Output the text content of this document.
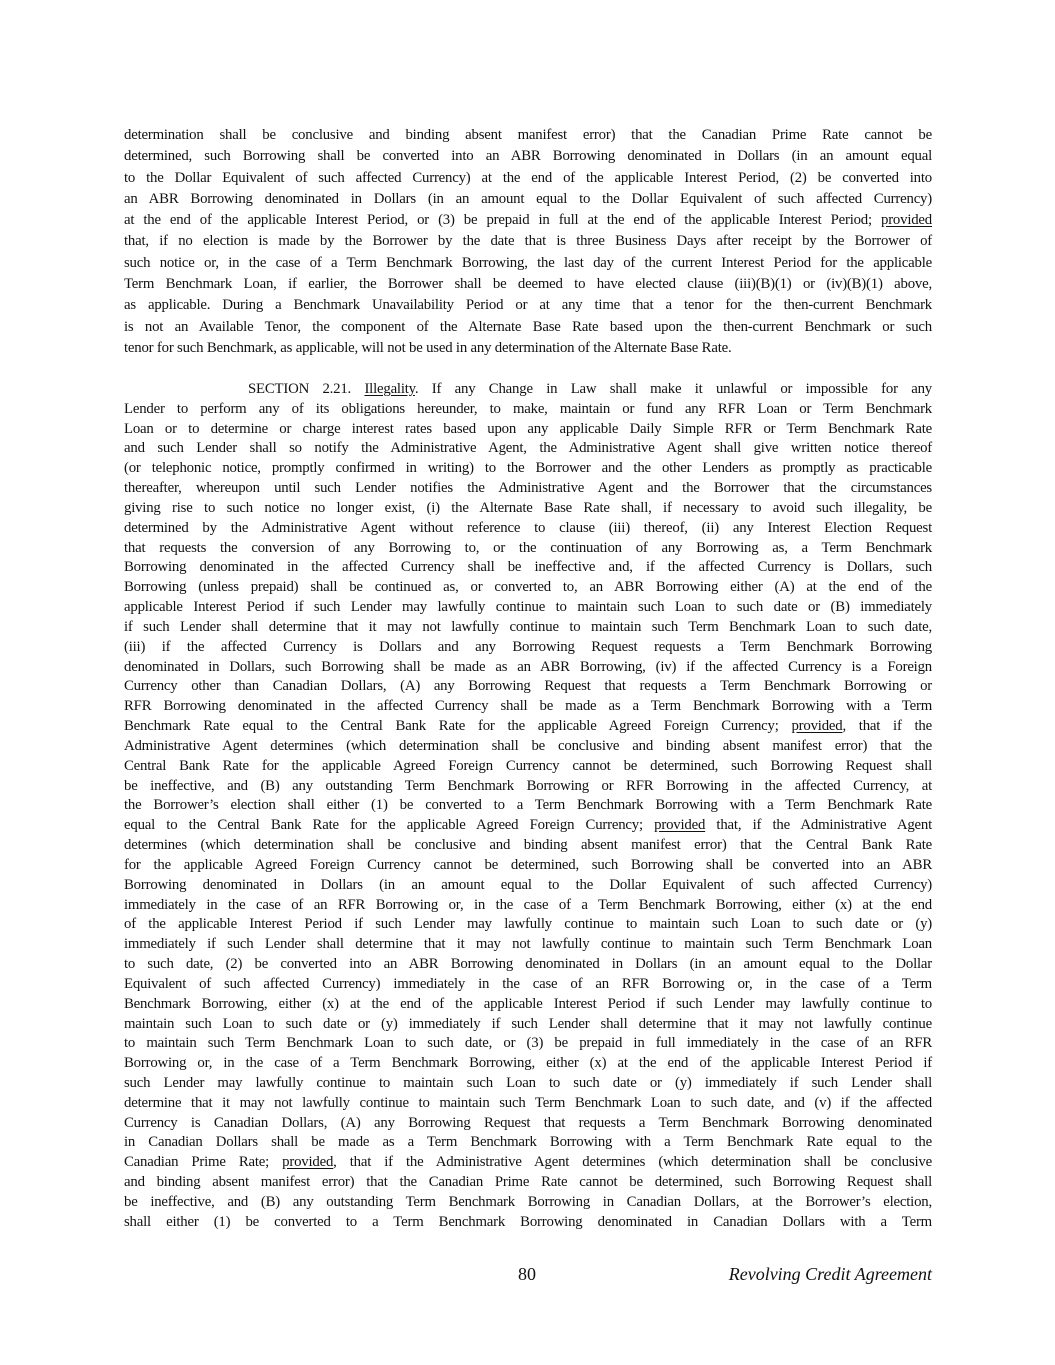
determination shall be conclusive and binding absent manifest error) that the Canadian Prime Rate cannot be
determined, such Borrowing shall be converted into an ABR Borrowing denominated in Dollars (in an amount equal
to the Dollar Equivalent of such affected Currency) at the end of the applicable Interest Period, (2) be converted into
an ABR Borrowing denominated in Dollars (in an amount equal to the Dollar Equivalent of such affected Currency)
at the end of the applicable Interest Period, or (3) be prepaid in full at the end of the applicable Interest Period; provided
that, if no election is made by the Borrower by the date that is three Business Days after receipt by the Borrower of
such notice or, in the case of a Term Benchmark Borrowing, the last day of the current Interest Period for the applicable
Term Benchmark Loan, if earlier, the Borrower shall be deemed to have elected clause (iii)(B)(1) or (iv)(B)(1) above,
as applicable. During a Benchmark Unavailability Period or at any time that a tenor for the then-current Benchmark
is not an Available Tenor, the component of the Alternate Base Rate based upon the then-current Benchmark or such
tenor for such Benchmark, as applicable, will not be used in any determination of the Alternate Base Rate.
SECTION 2.21. Illegality. If any Change in Law shall make it unlawful or impossible for any
Lender to perform any of its obligations hereunder, to make, maintain or fund any RFR Loan or Term Benchmark
Loan or to determine or charge interest rates based upon any applicable Daily Simple RFR or Term Benchmark Rate
and such Lender shall so notify the Administrative Agent, the Administrative Agent shall give written notice thereof
(or telephonic notice, promptly confirmed in writing) to the Borrower and the other Lenders as promptly as practicable
thereafter, whereupon until such Lender notifies the Administrative Agent and the Borrower that the circumstances
giving rise to such notice no longer exist, (i) the Alternate Base Rate shall, if necessary to avoid such illegality, be
determined by the Administrative Agent without reference to clause (iii) thereof, (ii) any Interest Election Request
that requests the conversion of any Borrowing to, or the continuation of any Borrowing as, a Term Benchmark
Borrowing denominated in the affected Currency shall be ineffective and, if the affected Currency is Dollars, such
Borrowing (unless prepaid) shall be continued as, or converted to, an ABR Borrowing either (A) at the end of the
applicable Interest Period if such Lender may lawfully continue to maintain such Loan to such date or (B) immediately
if such Lender shall determine that it may not lawfully continue to maintain such Term Benchmark Loan to such date,
(iii) if the affected Currency is Dollars and any Borrowing Request requests a Term Benchmark Borrowing
denominated in Dollars, such Borrowing shall be made as an ABR Borrowing, (iv) if the affected Currency is a Foreign
Currency other than Canadian Dollars, (A) any Borrowing Request that requests a Term Benchmark Borrowing or
RFR Borrowing denominated in the affected Currency shall be made as a Term Benchmark Borrowing with a Term
Benchmark Rate equal to the Central Bank Rate for the applicable Agreed Foreign Currency; provided, that if the
Administrative Agent determines (which determination shall be conclusive and binding absent manifest error) that the
Central Bank Rate for the applicable Agreed Foreign Currency cannot be determined, such Borrowing Request shall
be ineffective, and (B) any outstanding Term Benchmark Borrowing or RFR Borrowing in the affected Currency, at
the Borrower’s election shall either (1) be converted to a Term Benchmark Borrowing with a Term Benchmark Rate
equal to the Central Bank Rate for the applicable Agreed Foreign Currency; provided that, if the Administrative Agent
determines (which determination shall be conclusive and binding absent manifest error) that the Central Bank Rate
for the applicable Agreed Foreign Currency cannot be determined, such Borrowing shall be converted into an ABR
Borrowing denominated in Dollars (in an amount equal to the Dollar Equivalent of such affected Currency)
immediately in the case of an RFR Borrowing or, in the case of a Term Benchmark Borrowing, either (x) at the end
of the applicable Interest Period if such Lender may lawfully continue to maintain such Loan to such date or (y)
immediately if such Lender shall determine that it may not lawfully continue to maintain such Term Benchmark Loan
to such date, (2) be converted into an ABR Borrowing denominated in Dollars (in an amount equal to the Dollar
Equivalent of such affected Currency) immediately in the case of an RFR Borrowing or, in the case of a Term
Benchmark Borrowing, either (x) at the end of the applicable Interest Period if such Lender may lawfully continue to
maintain such Loan to such date or (y) immediately if such Lender shall determine that it may not lawfully continue
to maintain such Term Benchmark Loan to such date, or (3) be prepaid in full immediately in the case of an RFR
Borrowing or, in the case of a Term Benchmark Borrowing, either (x) at the end of the applicable Interest Period if
such Lender may lawfully continue to maintain such Loan to such date or (y) immediately if such Lender shall
determine that it may not lawfully continue to maintain such Term Benchmark Loan to such date, and (v) if the affected
Currency is Canadian Dollars, (A) any Borrowing Request that requests a Term Benchmark Borrowing denominated
in Canadian Dollars shall be made as a Term Benchmark Borrowing with a Term Benchmark Rate equal to the
Canadian Prime Rate; provided, that if the Administrative Agent determines (which determination shall be conclusive
and binding absent manifest error) that the Canadian Prime Rate cannot be determined, such Borrowing Request shall
be ineffective, and (B) any outstanding Term Benchmark Borrowing in Canadian Dollars, at the Borrower’s election,
shall either (1) be converted to a Term Benchmark Borrowing denominated in Canadian Dollars with a Term
80	Revolving Credit Agreement
